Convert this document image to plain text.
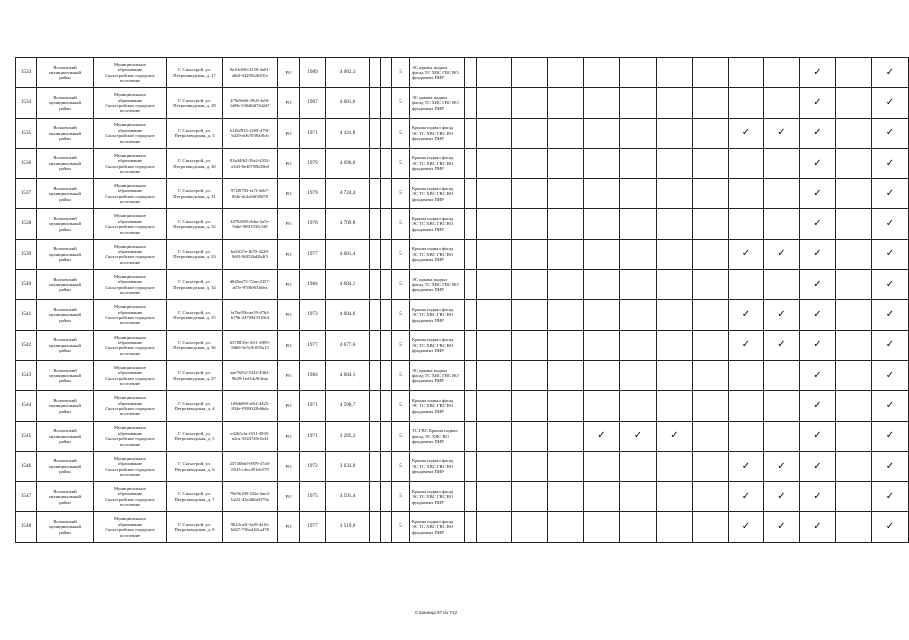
1533	Волховский
муниципальный
район	Муниципальное
образование
Сясьстройское городское
поселение	Г. Сясьстрой, ул.
Петрозаводская, д. 27	9e10c036-4158-4a01-
a8df-04295f2b591e	РО	1989	4 682,3			5	ЭС крыша подвал
фасад ТС ХВС ГВС ВО
фундамент ПИР											✓		✓
1534	Волховский
муниципальный
район	Муниципальное
образование
Сясьстройское городское
поселение	Г. Сясьстрой, ул.
Петрозаводская, д. 28	479e9e66-29c8-4e9f-
b60b-330d64f7fd2d7	РО	1987	4 681,6			5	ЭС крыша подвал
фасад ТС ХВС ГВС ВО
фундамент ПИР											✓		✓
1535	Волховский
муниципальный
район	Муниципальное
образование
Сясьстройское городское
поселение	Г. Сясьстрой, ул.
Петрозаводская, д. 3	b1f62933-2208-479f-
b429-a0b70394f0cb	РО	1971	4 431,8			5	Крыша подвал фасад
ЭС ТС ХВС ГВС ВО
фундамент ПИР									✓	✓	✓		✓
1536	Волховский
муниципальный
район	Муниципальное
образование
Сясьстройское городское
поселение	Г. Сясьстрой, ул.
Петрозаводская, д. 30	83a44f62-59a2-4332-
a3d3-8e40750b35b0	РО	1979	4 690,0			5	Крыша подвал фасад
ЭС ТС ХВС ГВС ВО
фундамент ПИР											✓		✓
1537	Волховский
муниципальный
район	Муниципальное
образование
Сясьстройское городское
поселение	Г. Сясьстрой, ул.
Петрозаводская, д. 31	972f8792-fa7f-4eb7-
8f4e-dc2a9df39d78	РО	1979	4 724,4			5	Крыша подвал фасад
ЭС ТС ХВС ГВС ВО
фундамент ПИР											✓		✓
1538	Волховский
муниципальный
район	Муниципальное
образование
Сясьстройское городское
поселение	Г. Сясьстрой, ул.
Петрозаводская, д. 32	44784f98-ebba-4a7e-
9a6e-9f8f1935c5f8	РО	1978	4 709,8			5	Крыша подвал фасад
ЭС ТС ХВС ГВС ВО
фундамент ПИР											✓		✓
1539	Волховский
муниципальный
район	Муниципальное
образование
Сясьстройское городское
поселение	Г. Сясьстрой, ул.
Петрозаводская, д. 33	ba5ff27e-fb70-4229-
9df3-8df52bd2b4f3	РО	1977	4 681,4			5	Крыша подвал фасад
ЭС ТС ХВС ГВС ВО
фундамент ПИР									✓	✓	✓		✓
1540	Волховский
муниципальный
район	Муниципальное
образование
Сясьстройское городское
поселение	Г. Сясьстрой, ул.
Петрозаводская, д. 34	d845ea75-72ae-4357-
a07e-97f0f9f1b0ea	РО	1984	4 684,1			5	ЭС крыша подвал
фасад ТС ХВС ГВС ВО
фундамент ПИР											✓		✓
1541	Волховский
муниципальный
район	Муниципальное
образование
Сясьстройское городское
поселение	Г. Сясьстрой, ул.
Петрозаводская, д. 35	fa7be55b-ae59-47bf-
b79b-2470943318e4	РО	1973	4 684,6			5	Крыша подвал фасад
ЭС ТС ХВС ГВС ВО
фундамент ПИР									✓	✓	✓		✓
1542	Волховский
муниципальный
район	Муниципальное
образование
Сясьстройское городское
поселение	Г. Сясьстрой, ул.
Петрозаводская, д. 36	6370835e-41f1-4995-
8db9-3e3c9c835a13	РО	1977	4 677,6			5	Крыша подвал фасад
ЭС ТС ХВС ГВС ВО
фундамент ПИР									✓	✓	✓		✓
1543	Волховский
муниципальный
район	Муниципальное
образование
Сясьстройское городское
поселение	Г. Сясьстрой, ул.
Петрозаводская, д. 37	aae76f52-5342-4362-
9649-1ed1dc9f4eaa	РО	1984	4 684,1			5	ЭС крыша подвал
фасад ТС ХВС ГВС ВО
фундамент ПИР											✓		✓
1544	Волховский
муниципальный
район	Муниципальное
образование
Сясьстройское городское
поселение	Г. Сясьстрой, ул.
Петрозаводская, д. 4	1f6bb069-a0cf-4425-
834e-f950042b66da	РО	1971	4 590,7			5	Крыша подвал фасад
ЭС ТС ХВС ГВС ВО
фундамент ПИР											✓		✓
1545	Волховский
муниципальный
район	Муниципальное
образование
Сясьстройское городское
поселение	Г. Сясьстрой, ул.
Петрозаводская, д. 5	e42b5cfa-f331-4935-
a2ca-5543749c5e4f	РО	1971	3 295,3			5	ТС ГВС Крыша подвал
фасад ЭС ХВС ВО
фундамент ПИР					✓	✓	✓				✓		✓
1546	Волховский
муниципальный
район	Муниципальное
образование
Сясьстройское городское
поселение	Г. Сясьстрой, ул.
Петрозаводская, д. 6	237469a0-0959-47a0-
8543-c4ec491eb579	РО	1972	3 633,0			5	Крыша подвал фасад
ЭС ТС ХВС ГВС ВО
фундамент ПИР									✓	✓	✓		✓
1547	Волховский
муниципальный
район	Муниципальное
образование
Сясьстройское городское
поселение	Г. Сясьстрой, ул.
Петрозаводская, д. 7	78e5b188-332e-4ae3-
b222-43a4d0a9379a	РО	1975	4 591,4			5	Крыша подвал фасад
ЭС ТС ХВС ГВС ВО
фундамент ПИР									✓	✓	✓		✓
1548	Волховский
муниципальный
район	Муниципальное
образование
Сясьстройское городское
поселение	Г. Сясьстрой, ул.
Петрозаводская, д. 8	9623ca3f-3af9-4a1b-
b827-736a4161a478	РО	1977	3 519,0			5	Крыша подвал фасад
ЭС ТС ХВС ГВС ВО
фундамент ПИР									✓	✓	✓		✓
Страница 97 из 712
